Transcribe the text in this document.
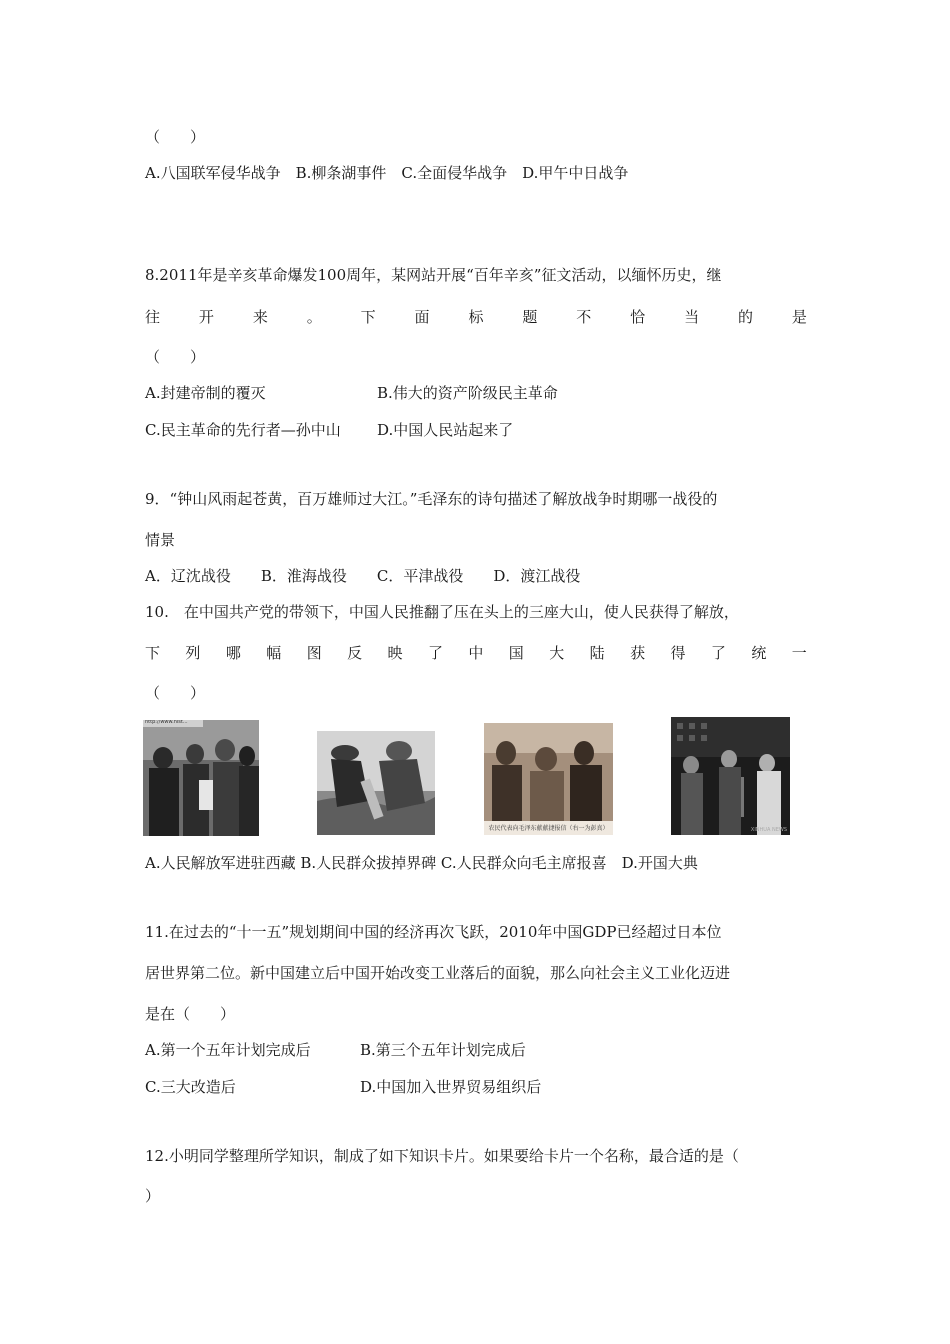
（　　）
A.八国联军侵华战争　B.柳条湖事件　C.全面侵华战争　D.甲午中日战争
8.2011年是辛亥革命爆发100周年，某网站开展“百年辛亥”征文活动，以缅怀历史，继
往	开	来	。	下	面	标	题	不	恰	当	的	是
（　　）
A.封建帝制的覆灭	B.伟大的资产阶级民主革命
C.民主革命的先行者—孙中山 D.中国人民站起来了
9．“钟山风雨起苍黄，百万雄师过大江。”毛泽东的诗句描述了解放战争时期哪一战役的
情景
A．辽沈战役　　B．淮海战役　　C．平津战役　　D．渡江战役
10.　在中国共产党的带领下，中国人民推翻了压在头上的三座大山，使人民获得了解放，
下 列 哪 幅 图 反 映 了 中 国 大 陆 获 得 了 统 一
（　　）
http://www.hist...
农民代表向毛泽东献献捷报信（右一为彭真）	XINHUA NEWS
A.人民解放军进驻西藏 B.人民群众拔掉界碑 C.人民群众向毛主席报喜　D.开国大典
11.在过去的“十一五”规划期间中国的经济再次飞跃，2010年中国GDP已经超过日本位
居世界第二位。新中国建立后中国开始改变工业落后的面貌，那么向社会主义工业化迈进
是在（　　）
A.第一个五年计划完成后	B.第三个五年计划完成后
C.三大改造后	D.中国加入世界贸易组织后
12.小明同学整理所学知识，制成了如下知识卡片。如果要给卡片一个名称，最合适的是（
）
